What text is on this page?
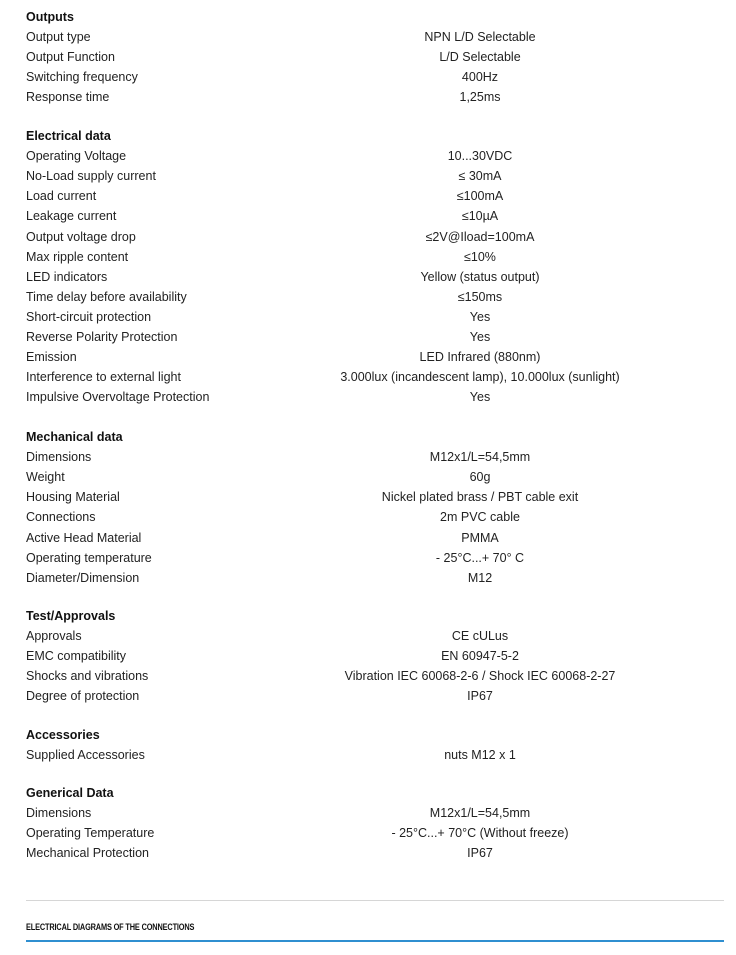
Outputs
Output type	NPN L/D Selectable
Output Function	L/D Selectable
Switching frequency	400Hz
Response time	1,25ms
Electrical data
Operating Voltage	10...30VDC
No-Load supply current	≤ 30mA
Load current	≤100mA
Leakage current	≤10µA
Output voltage drop	≤2V@Iload=100mA
Max ripple content	≤10%
LED indicators	Yellow (status output)
Time delay before availability	≤150ms
Short-circuit protection	Yes
Reverse Polarity Protection	Yes
Emission	LED Infrared (880nm)
Interference to external light	3.000lux (incandescent lamp), 10.000lux (sunlight)
Impulsive Overvoltage Protection	Yes
Mechanical data
Dimensions	M12x1/L=54,5mm
Weight	60g
Housing Material	Nickel plated brass / PBT cable exit
Connections	2m PVC cable
Active Head Material	PMMA
Operating temperature	- 25°C...+ 70° C
Diameter/Dimension	M12
Test/Approvals
Approvals	CE cULus
EMC compatibility	EN 60947-5-2
Shocks and vibrations	Vibration IEC 60068-2-6 / Shock IEC 60068-2-27
Degree of protection	IP67
Accessories
Supplied Accessories	nuts M12 x 1
Generical Data
Dimensions	M12x1/L=54,5mm
Operating Temperature	- 25°C...+ 70°C (Without freeze)
Mechanical Protection	IP67
ELECTRICAL DIAGRAMS OF THE CONNECTIONS
